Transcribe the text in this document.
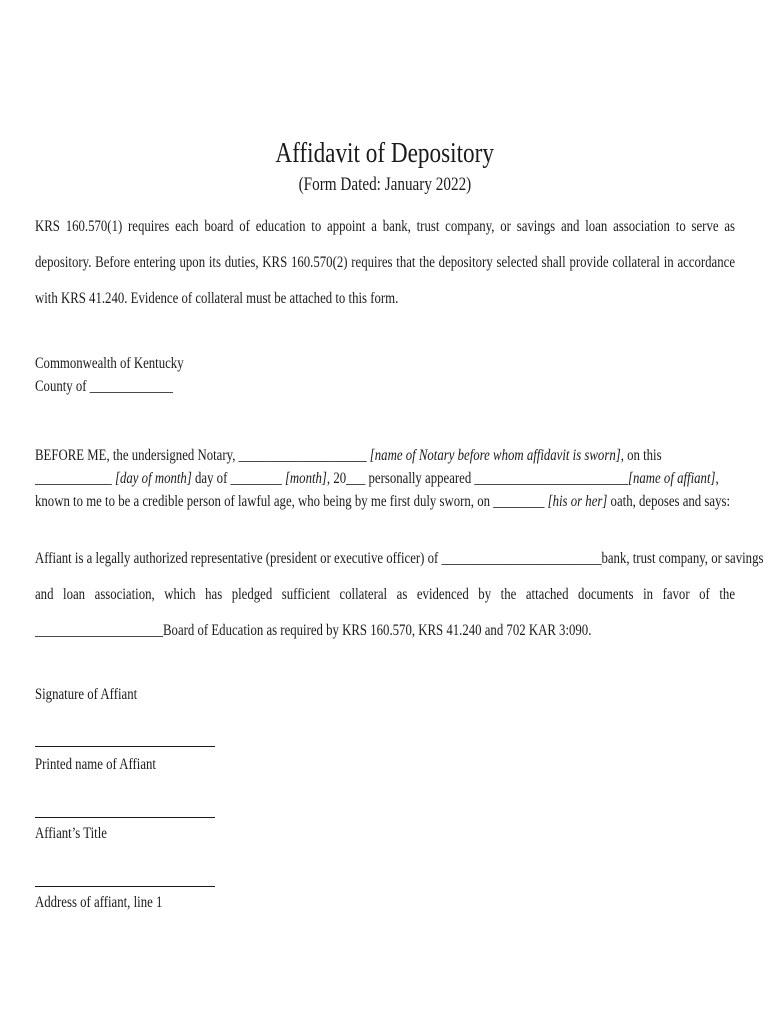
Affidavit of Depository
(Form Dated: January 2022)
KRS 160.570(1) requires each board of education to appoint a bank, trust company, or savings and loan association to serve as depository. Before entering upon its duties, KRS 160.570(2) requires that the depository selected shall provide collateral in accordance with KRS 41.240. Evidence of collateral must be attached to this form.
Commonwealth of Kentucky
County of _____________
BEFORE ME, the undersigned Notary, ____________________ [name of Notary before whom affidavit is sworn], on this ____________ [day of month] day of ________ [month], 20___ personally appeared ________________________[name of affiant], known to me to be a credible person of lawful age, who being by me first duly sworn, on ________ [his or her] oath, deposes and says:
Affiant is a legally authorized representative (president or executive officer) of _________________________bank, trust company, or savings
and loan association, which has pledged sufficient collateral as evidenced by the attached documents in favor of the
____________________Board of Education as required by KRS 160.570, KRS 41.240 and 702 KAR 3:090.
Signature of Affiant
Printed name of Affiant
Affiant’s Title
Address of affiant, line 1
